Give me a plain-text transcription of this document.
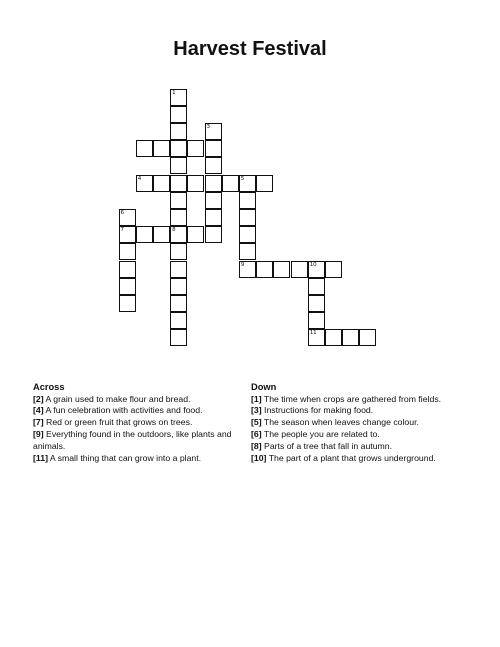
Harvest Festival
1
3
4	5
9
6
7	8
10
11
Across

[2] A grain used to make flour and bread.

[4] A fun celebration with activities and food.

[7] Red or green fruit that grows on trees.

[9] Everything found in the outdoors, like plants and animals.

[11] A small thing that can grow into a plant.

Down

[1] The time when crops are gathered from fields.

[3] Instructions for making food.

[5] The season when leaves change colour.

[6] The people you are related to.

[8] Parts of a tree that fall in autumn.

[10] The part of a plant that grows underground.
